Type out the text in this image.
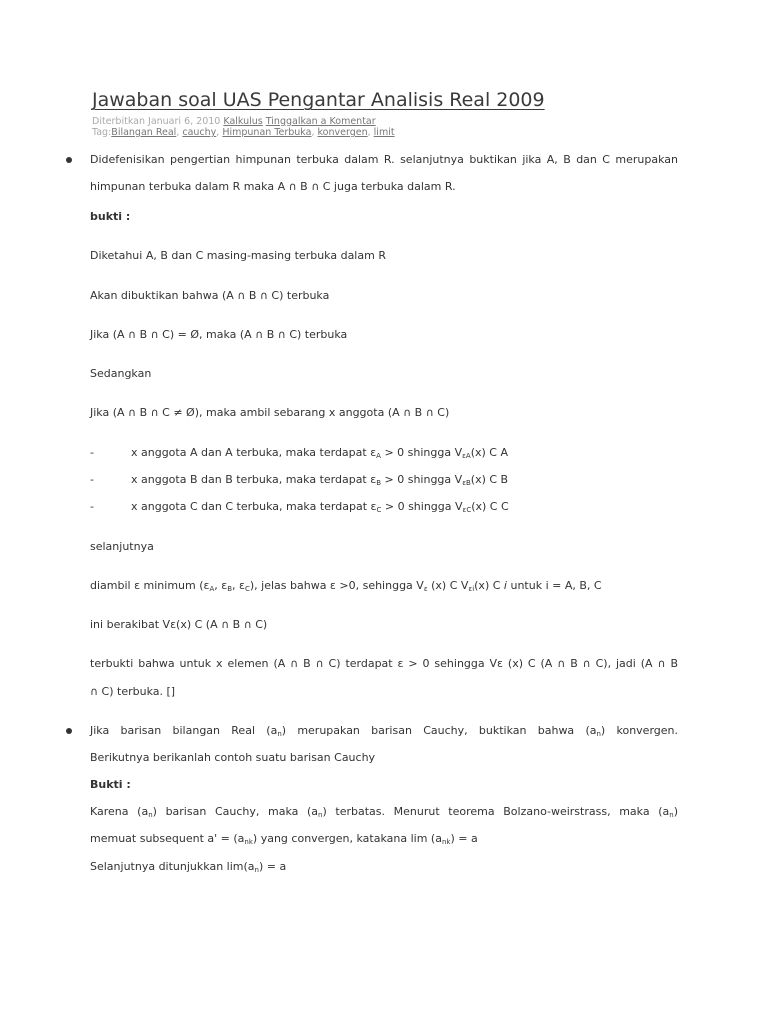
Jawaban soal UAS Pengantar Analisis Real 2009
Diterbitkan Januari 6, 2010 Kalkulus Tinggalkan a Komentar
Tag:Bilangan Real, cauchy, Himpunan Terbuka, konvergen, limit

Didefenisikan pengertian himpunan terbuka dalam R. selanjutnya buktikan jika A, B dan C merupakan

himpunan terbuka dalam R maka A ∩ B ∩ C juga terbuka dalam R.

bukti :

Diketahui A, B dan C masing-masing terbuka dalam R

Akan dibuktikan bahwa (A ∩ B ∩ C) terbuka

Jika (A ∩ B ∩ C) = Ø, maka (A ∩ B ∩ C) terbuka

Sedangkan

Jika (A ∩ B ∩ C ≠ Ø), maka ambil sebarang x anggota (A ∩ B ∩ C)

-	x anggota A dan A terbuka, maka terdapat $\varepsilon_A > 0$ shingga $V_{\varepsilon A}(x)$ C A
-	x anggota B dan B terbuka, maka terdapat $\varepsilon_B > 0$ shingga $V_{\varepsilon B}(x)$ C B
-	x anggota C dan C terbuka, maka terdapat $\varepsilon_C > 0$ shingga $V_{\varepsilon C}(x)$ C C

selanjutnya

diambil ε minimum ($\varepsilon_A$, $\varepsilon_B$, $\varepsilon_C$), jelas bahwa ε >0, sehingga $V_\varepsilon$ (x) C $V_{\varepsilon i}(x)$ C i untuk i = A, B, C

ini berakibat Vε(x) C (A ∩ B ∩ C)

terbukti bahwa untuk x elemen (A ∩ B ∩ C) terdapat ε > 0 sehingga Vε (x) C (A ∩ B ∩ C), jadi (A ∩ B

∩ C) terbuka. []

Jika barisan bilangan Real $(a_n)$ merupakan barisan Cauchy, buktikan bahwa $(a_n)$ konvergen.

Berikutnya berikanlah contoh suatu barisan Cauchy

Bukti :

Karena $(a_n)$ barisan Cauchy, maka $(a_n)$ terbatas. Menurut teorema Bolzano-weirstrass, maka $(a_n)$

memuat subsequent $a' = (a_{nk})$ yang convergen, katakana $\lim (a_{nk}) = a$

Selanjutnya ditunjukkan $\lim(a_n) = a$
